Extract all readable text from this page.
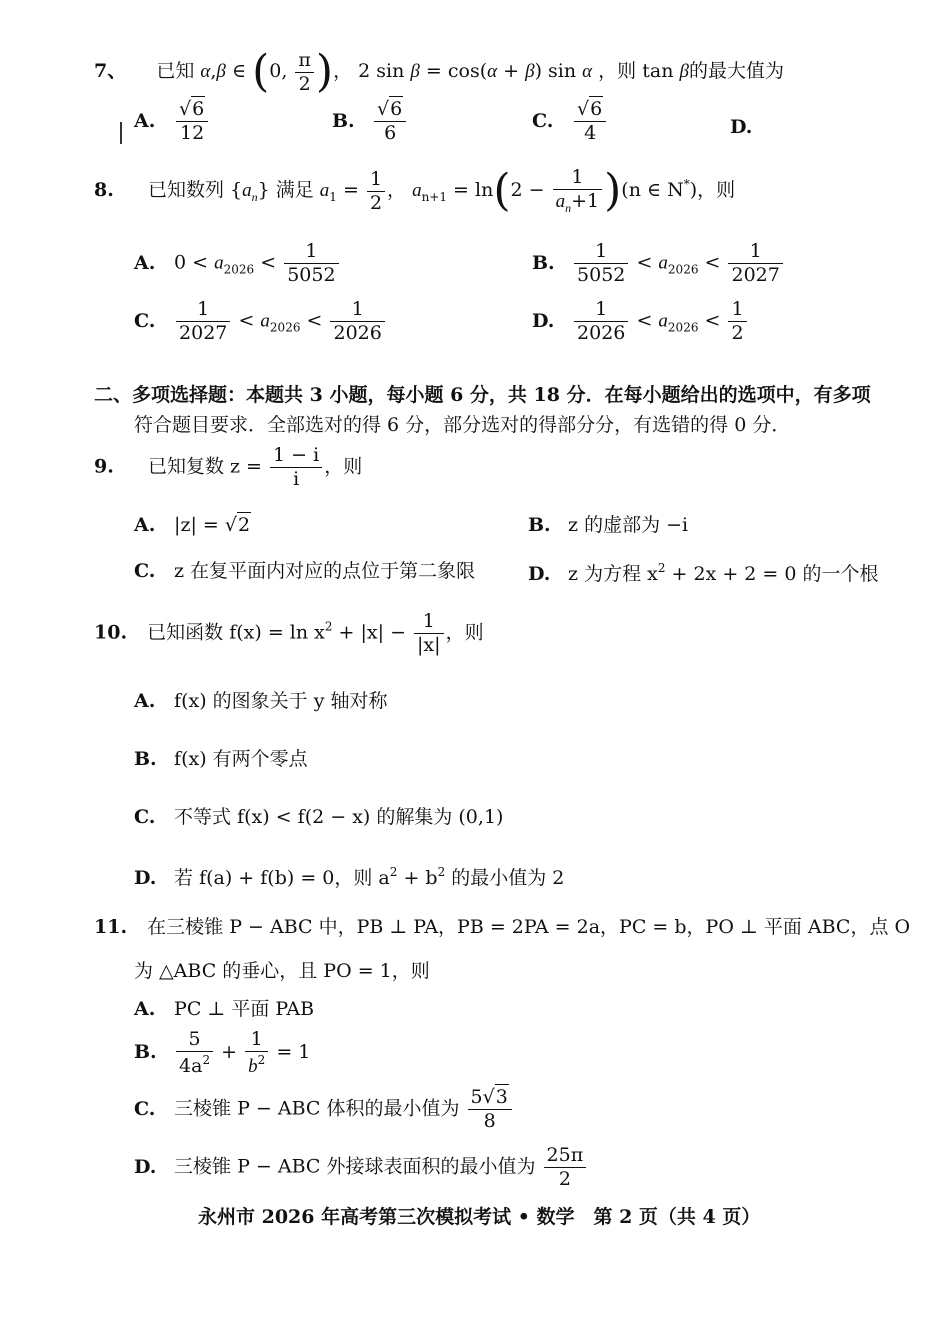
7、 已知 α,β ∈ (0, $\frac{\pi}{2}$ )， 2 sin β = cos(α + β) sin α ，则 tan β的最大值为
A. $\frac{√6}{12}$	B. $\frac{√6}{6}$	C. $\frac{√6}{4}$	D.
8. 已知数列 $\{a_n\}$ 满足 $a_1 = \frac{1}{2}$ ， $a_{n+1} = \ln(2 - \frac{1}{a_n+1} )(n$ ∈ N*)，则
A. $0 < a_{2026} < \frac{1}{5052}$	B. $\frac{1}{5052} < a_{2026} < \frac{1}{2027}$
C. $\frac{1}{2027} < a_{2026} < \frac{1}{2026}$	D. $\frac{1}{2026} < a_{2026} < \frac{1}{2}$
二、多项选择题：本题共 3 小题，每小题 6 分，共 18 分．在每小题给出的选项中，有多项
符合题目要求．全部选对的得 6 分，部分选对的得部分分，有选错的得 0 分．
9. 已知复数 $z = \frac{1 - i}{i}$ ，则
A. |z| = √2	B. z 的虚部为 −i
C. z 在复平面内对应的点位于第二象限	D. z 为方程 $x^2 + 2x + 2 = 0$ 的一个根
10. 已知函数 $f(x) = \ln x^2 + |x| - \frac{1}{|x|}$ ，则
A. f(x) 的图象关于 y 轴对称
B. f(x) 有两个零点
C. 不等式 f(x) < f(2 − x) 的解集为 (0,1)
D. 若 f(a) + f(b) = 0，则 $a^2 + b^2$ 的最小值为 2
11. 在三棱锥 P − ABC 中，PB ⊥ PA，PB = 2PA = 2a，PC = b，PO ⊥ 平面 ABC，点 O
为 △ABC 的垂心，且 PO = 1，则
A. PC ⊥ 平面 PAB
B. $\frac{5}{4a^2} + \frac{1}{b^2} = 1$
C. 三棱锥 P − ABC 体积的最小值为 $\frac{5√3}{8}$
D. 三棱锥 P − ABC 外接球表面积的最小值为 $\frac{25\pi}{2}$
永州市 2026 年高考第三次模拟考试 • 数学　第 2 页（共 4 页）
